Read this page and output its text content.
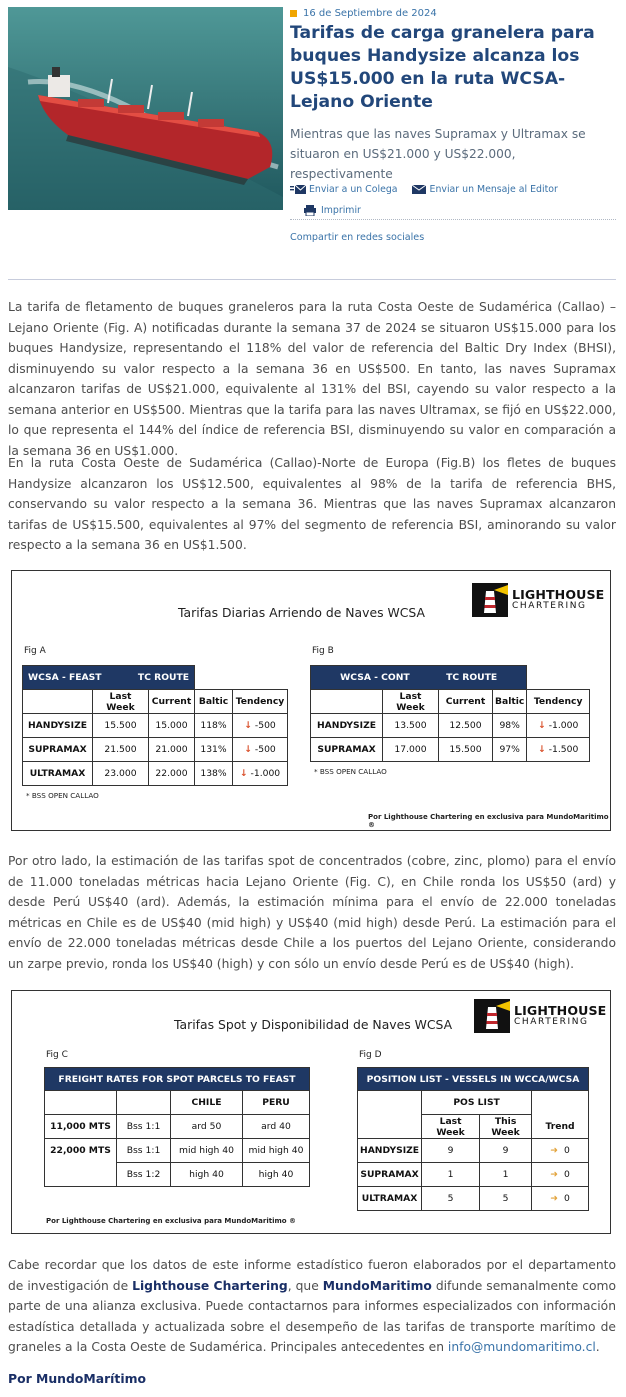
16 de Septiembre de 2024
Tarifas de carga granelera para buques Handysize alcanza los US$15.000 en la ruta WCSA-Lejano Oriente
Mientras que las naves Supramax y Ultramax se situaron en US$21.000 y US$22.000, respectivamente
Enviar a un Colega
	Enviar un Mensaje al Editor

Imprimir
Compartir en redes sociales

La tarifa de fletamento de buques graneleros para la ruta Costa Oeste de Sudamérica (Callao) – Lejano Oriente (Fig. A) notificadas durante la semana 37 de 2024 se situaron US$15.000 para los buques Handysize, representando el 118% del valor de referencia del Baltic Dry Index (BHSI), disminuyendo su valor respecto a la semana 36 en US$500. En tanto, las naves Supramax alcanzaron tarifas de US$21.000, equivalente al 131% del BSI, cayendo su valor respecto a la semana anterior en US$500. Mientras que la tarifa para las naves Ultramax, se fijó en US$22.000, lo que representa el 144% del índice de referencia BSI, disminuyendo su valor en comparación a la semana 36 en US$1.000.

En la ruta Costa Oeste de Sudamérica (Callao)-Norte de Europa (Fig.B) los fletes de buques Handysize alcanzaron los US$12.500, equivalentes al 98% de la tarifa de referencia BHS, conservando su valor respecto a la semana 36. Mientras que las naves Supramax alcanzaron tarifas de US$15.500, equivalentes al 97% del segmento de referencia BSI, aminorando su valor respecto a la semana 36 en US$1.500.

Tarifas Diarias Arriendo de Naves WCSA
LIGHTHOUSE
CHARTERING
Fig A
WCSA - FEAST TC ROUTE				
	Last Week	Current	Baltic	Tendency
HANDYSIZE	15.500	15.000	118%	↓ -500
SUPRAMAX	21.500	21.000	131%	↓ -500
ULTRAMAX	23.000	22.000	138%	↓ -1.000
* BSS OPEN CALLAO
Fig B
WCSA - CONT TC ROUTE				
	Last Week	Current	Baltic	Tendency
HANDYSIZE	13.500	12.500	98%	↓ -1.000
SUPRAMAX	17.000	15.500	97%	↓ -1.500
* BSS OPEN CALLAO
Por Lighthouse Chartering en exclusiva para MundoMaritimo ®

Por otro lado, la estimación de las tarifas spot de concentrados (cobre, zinc, plomo) para el envío de 11.000 toneladas métricas hacia Lejano Oriente (Fig. C), en Chile ronda los US$50 (ard) y desde Perú US$40 (ard). Además, la estimación mínima para el envío de 22.000 toneladas métricas en Chile es de US$40 (mid high) y US$40 (mid high) desde Perú. La estimación para el envío de 22.000 toneladas métricas desde Chile a los puertos del Lejano Oriente, considerando un zarpe previo, ronda los US$40 (high) y con sólo un envío desde Perú es de US$40 (high).

Tarifas Spot y Disponibilidad de Naves WCSA
LIGHTHOUSE
CHARTERING
Fig C
FREIGHT RATES FOR SPOT PARCELS TO FEAST			
		CHILE	PERU
11,000 MTS	Bss 1:1	ard 50	ard 40
22,000 MTS	Bss 1:1	mid high 40	mid high 40
	Bss 1:2	high 40	high 40
Fig D
POSITION LIST - VESSELS IN WCCA/WCSA			
	POS LIST		
	Last Week	This Week	Trend
HANDYSIZE	9	9	➜ 0
SUPRAMAX	1	1	➜ 0
ULTRAMAX	5	5	➜ 0
Por Lighthouse Chartering en exclusiva para MundoMaritimo ®

Cabe recordar que los datos de este informe estadístico fueron elaborados por el departamento de investigación de Lighthouse Chartering, que MundoMaritimo difunde semanalmente como parte de una alianza exclusiva. Puede contactarnos para informes especializados con información estadística detallada y actualizada sobre el desempeño de las tarifas de transporte marítimo de graneles a la Costa Oeste de Sudamérica. Principales antecedentes en info@mundomaritimo.cl.

Por MundoMarítimo
